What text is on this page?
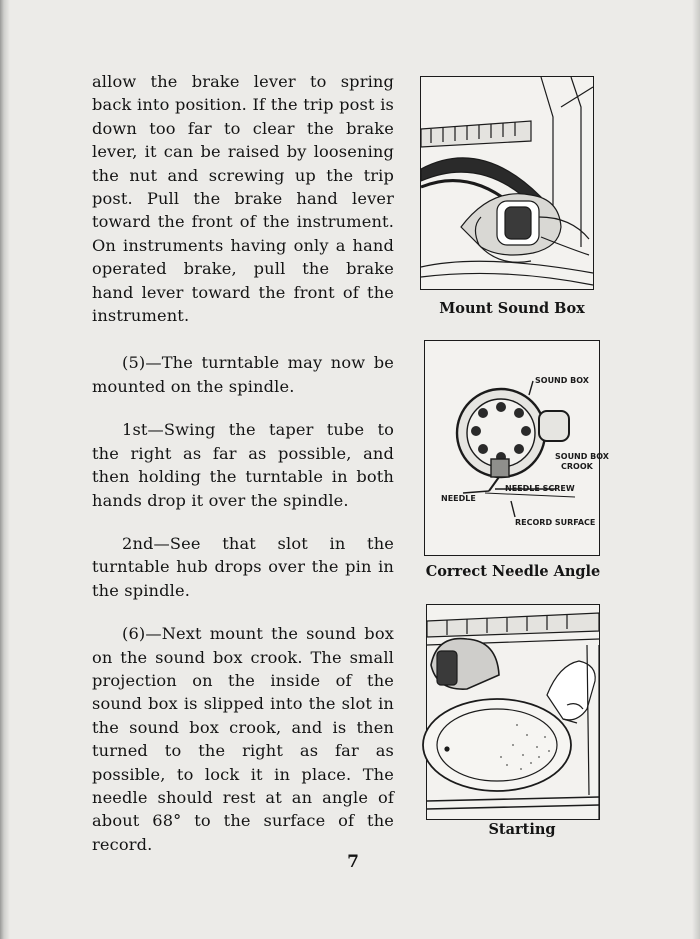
allow the brake lever to spring back into position. If the trip post is down too far to clear the brake lever, it can be raised by loosening the nut and screwing up the trip post. Pull the brake hand lever toward the front of the instrument. On instruments having only a hand operated brake, pull the brake hand lever toward the front of the instrument.

(5)—The turntable may now be mounted on the spindle.

1st—Swing the taper tube to the right as far as possible, and then holding the turntable in both hands drop it over the spindle.

2nd—See that slot in the turntable hub drops over the pin in the spindle.

(6)—Next mount the sound box on the sound box crook. The small projection on the inside of the sound box is slipped into the slot in the sound box crook, and is then turned to the right as far as possible, to lock it in place. The needle should rest at an angle of about 68° to the surface of the record.

7
Mount Sound Box
SOUND BOX
SOUND BOX
CROOK
NEEDLE
NEEDLE SCREW
RECORD SURFACE
Correct Needle Angle
Starting
